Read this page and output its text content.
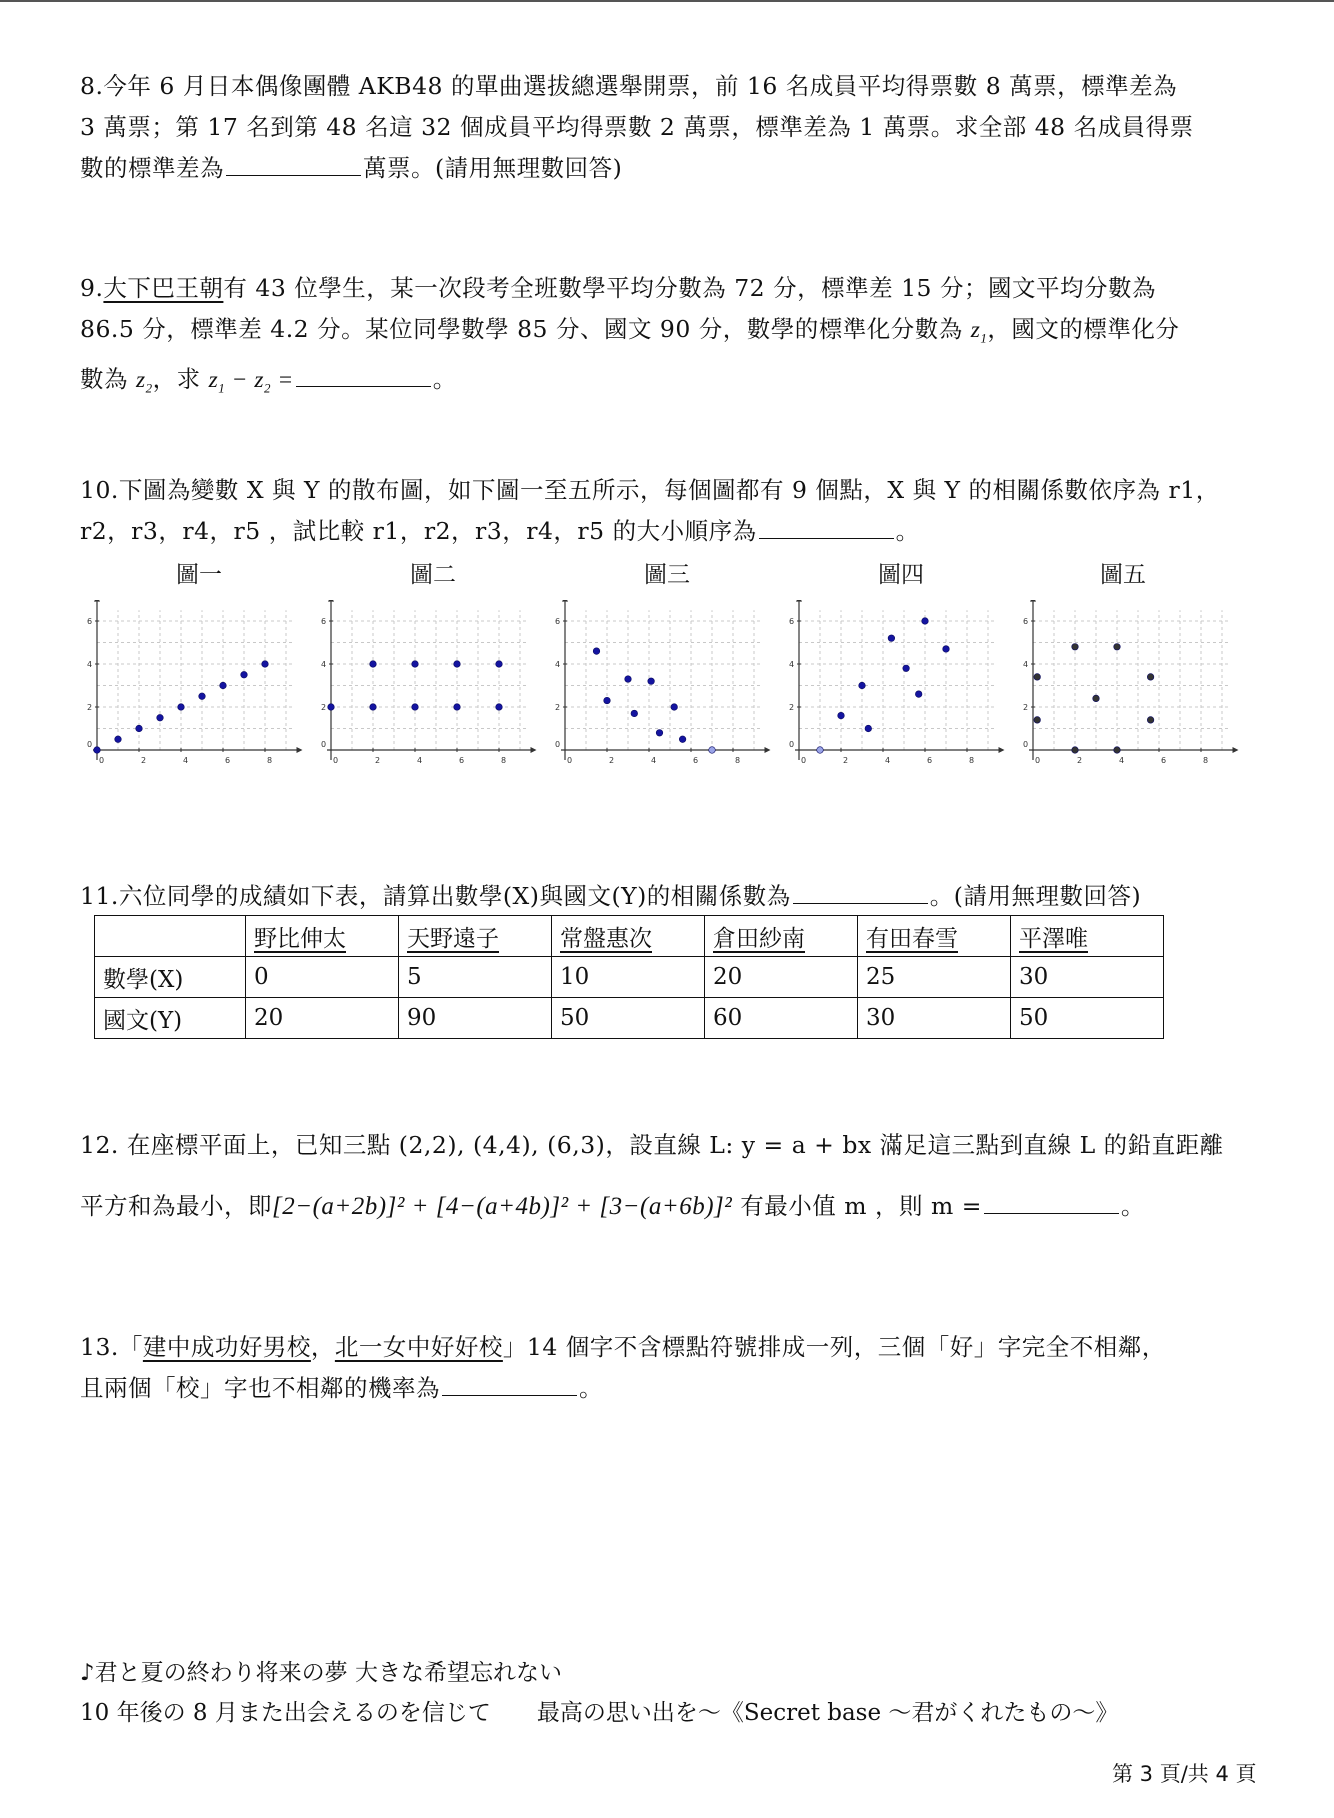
8.今年 6 月日本偶像團體 AKB48 的單曲選拔總選舉開票，前 16 名成員平均得票數 8 萬票，標準差為
3 萬票；第 17 名到第 48 名這 32 個成員平均得票數 2 萬票，標準差為 1 萬票。求全部 48 名成員得票
數的標準差為	萬票。(請用無理數回答)
9.大下巴王朝有 43 位學生，某一次段考全班數學平均分數為 72 分，標準差 15 分；國文平均分數為
86.5 分，標準差 4.2 分。某位同學數學 85 分、國文 90 分，數學的標準化分數為 $z_1$，國文的標準化分
數為 $z_2$，求 $z_1 - z_2$ =	。
10.下圖為變數 X 與 Y 的散布圖，如下圖一至五所示，每個圖都有 9 個點，X 與 Y 的相關係數依序為 r1，
r2，r3，r4，r5 ，試比較 r1，r2，r3，r4，r5 的大小順序為	。
圖一	圖二	圖三	圖四	圖五
0	2	4	6	8
2
4
6
0
0	2	4	6	8
2
4
6
0
0	2	4	6	8
2
4
6
0
0	2	4	6	8
2
4
6
0
0	2	4	6	8
2
4
6
0
11.六位同學的成績如下表，請算出數學(X)與國文(Y)的相關係數為	。(請用無理數回答)
	野比伸太	天野遠子	常盤惠次	倉田紗南	有田春雪	平澤唯
數學(X)	0	5	10	20	25	30
國文(Y)	20	90	50	60	30	50
12. 在座標平面上，已知三點 (2,2), (4,4), (6,3)，設直線 L: y = a + bx 滿足這三點到直線 L 的鉛直距離
平方和為最小，即[2−(a+2b)]² + [4−(a+4b)]² + [3−(a+6b)]² 有最小值 m ，則 m =	。
13.「建中成功好男校，北一女中好好校」14 個字不含標點符號排成一列，三個「好」字完全不相鄰，
且兩個「校」字也不相鄰的機率為	。
♪君と夏の終わり将来の夢 大きな希望忘れない
10 年後の 8 月また出会えるのを信じて　　最高の思い出を～《Secret base ～君がくれたもの～》
第 3 頁/共 4 頁
